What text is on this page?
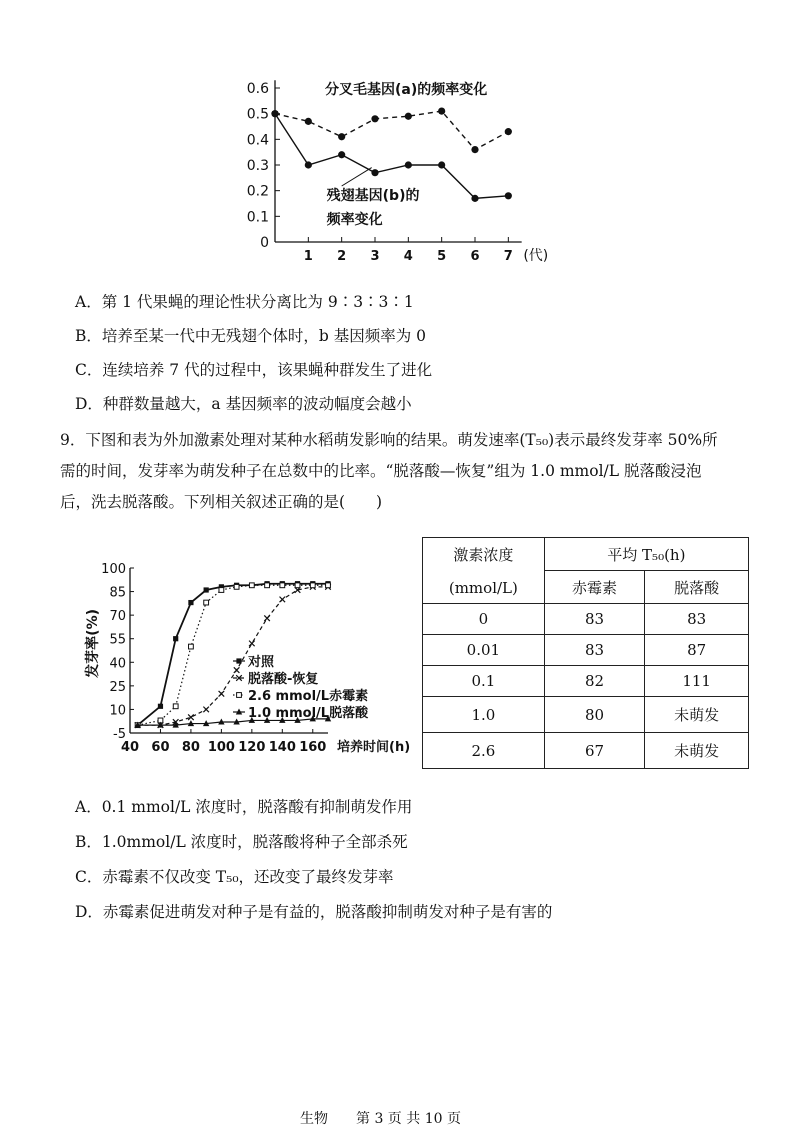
0
0.1
0.2
0.3
0.4
0.5
0.6
1 2 3 4 5 6 7 (代)
分叉毛基因(a)的频率变化
残翅基因(b)的
频率变化
A．第 1 代果蝇的理论性状分离比为 9∶3∶3∶1
B．培养至某一代中无残翅个体时，b 基因频率为 0
C．连续培养 7 代的过程中，该果蝇种群发生了进化
D．种群数量越大，a 基因频率的波动幅度会越小
9．下图和表为外加激素处理对某种水稻萌发影响的结果。萌发速率(T₅₀)表示最终发芽率 50%所
需的时间，发芽率为萌发种子在总数中的比率。“脱落酸—恢复”组为 1.0 mmol/L 脱落酸浸泡
后，洗去脱落酸。下列相关叙述正确的是(　　)
-5
10
25
40
55
70
85
100
40 60 80 100 120 140 160
对照
脱落酸-恢复
2.6 mmol/L赤霉素
1.0 mmol/L脱落酸
发芽率(%)
培养时间(h)
激素浓度
(mmol/L)	平均 T₅₀(h)	
	赤霉素	脱落酸
0	83	83
0.01	83	87
0.1	82	111
1.0	80	未萌发
2.6	67	未萌发
A．0.1 mmol/L 浓度时，脱落酸有抑制萌发作用
B．1.0mmol/L 浓度时，脱落酸将种子全部杀死
C．赤霉素不仅改变 T₅₀，还改变了最终发芽率
D．赤霉素促进萌发对种子是有益的，脱落酸抑制萌发对种子是有害的
生物　　第 3 页 共 10 页
